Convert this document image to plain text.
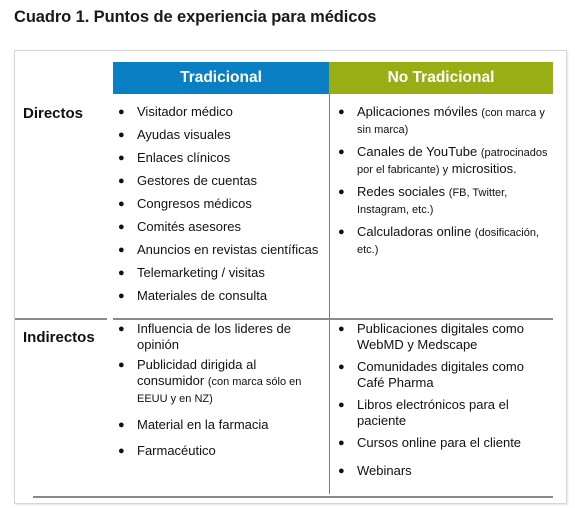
Cuadro 1. Puntos de experiencia para médicos
Tradicional	No Tradicional
Directos
Indirectos
● Visitador médico
● Ayudas visuales
● Enlaces clínicos
● Gestores de cuentas
● Congresos médicos
● Comités asesores
● Anuncios en revistas científicas
● Telemarketing / visitas
● Materiales de consulta
● Aplicaciones móviles (con marca y sin marca)
● Canales de YouTube (patrocinados por el fabricante) y micrositios.
● Redes sociales (FB, Twitter, Instagram, etc.)
● Calculadoras online (dosificación, etc.)
● Influencia de los lideres de opinión
● Publicidad dirigida al consumidor (con marca sólo en EEUU y en NZ)
● Material en la farmacia
● Farmacéutico
● Publicaciones digitales como WebMD y Medscape
● Comunidades digitales como Café Pharma
● Libros electrónicos para el paciente
● Cursos online para el cliente
● Webinars
